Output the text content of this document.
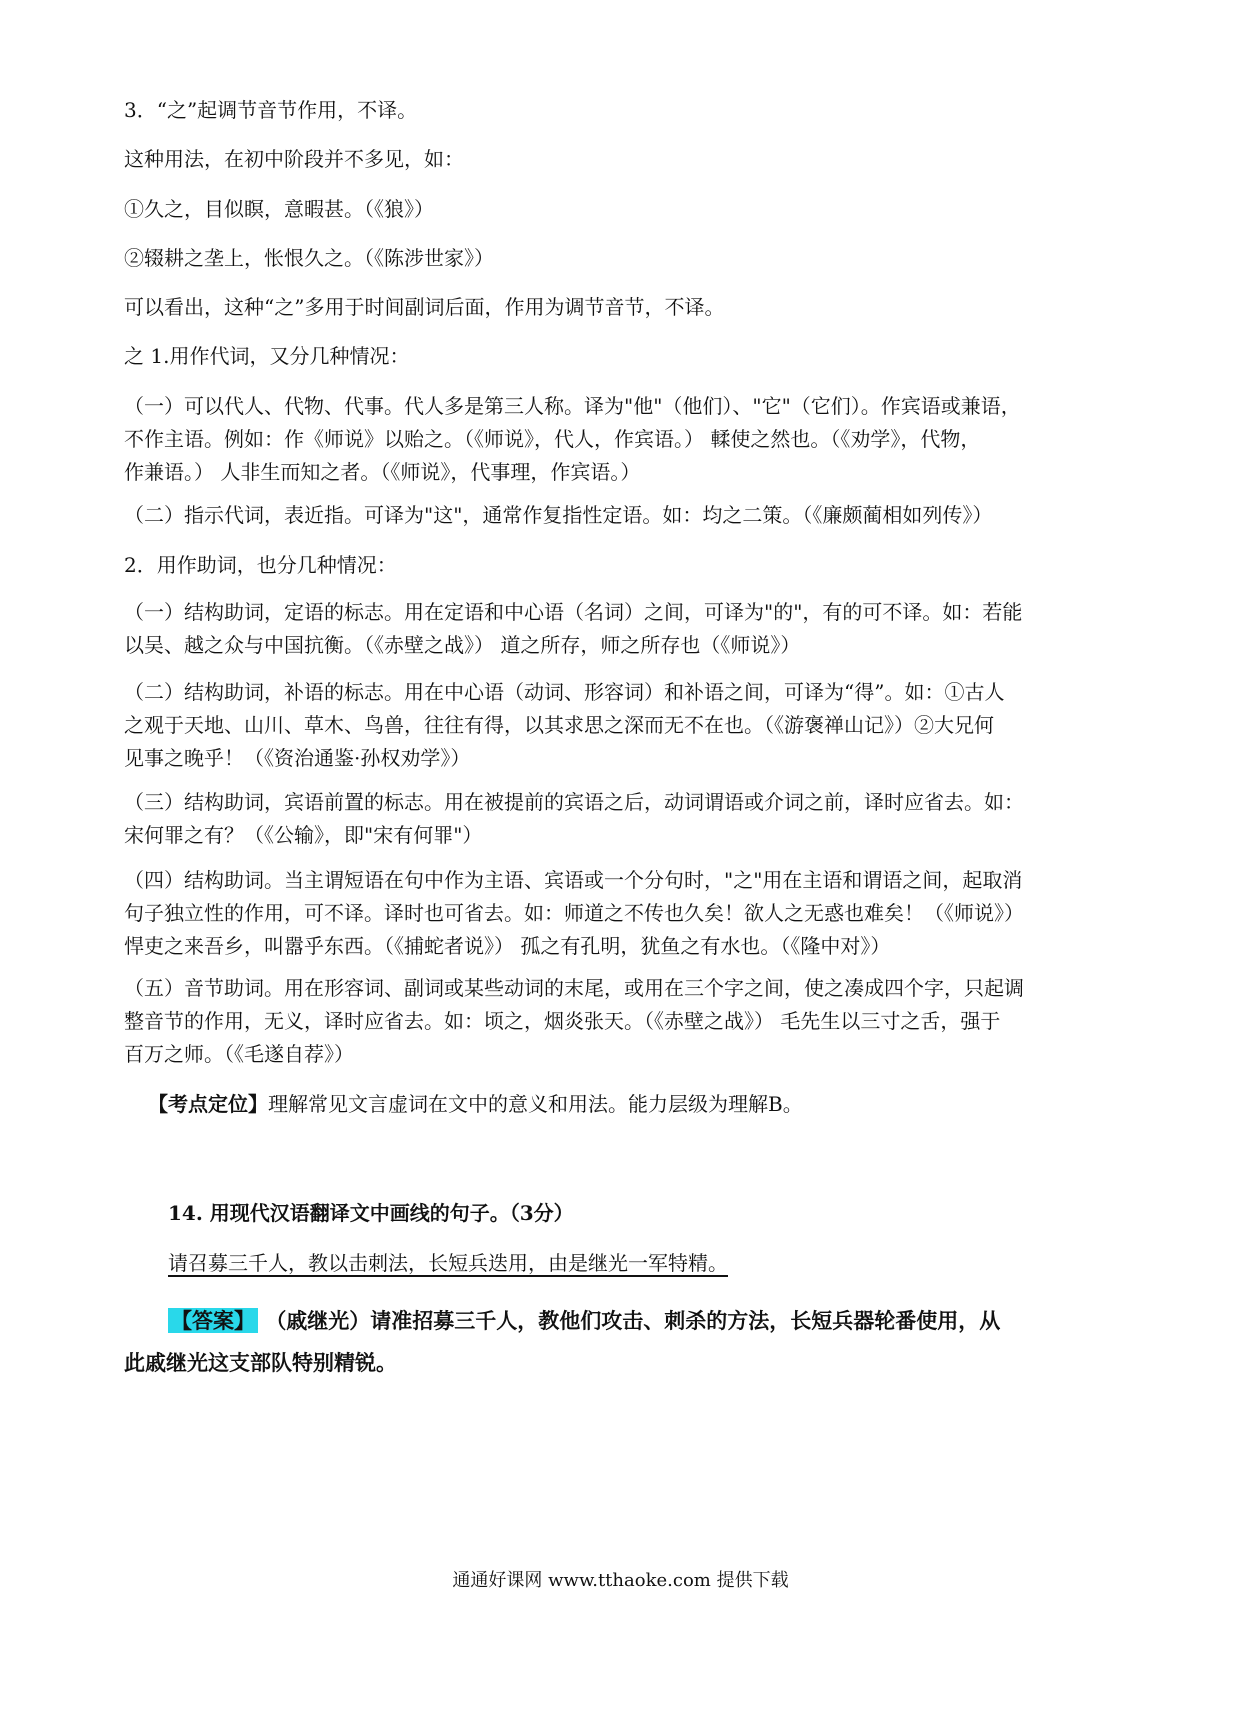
3．“之”起调节音节作用，不译。
这种用法，在初中阶段并不多见，如：
①久之，目似瞑，意暇甚。（《狼》）
②辍耕之垄上，怅恨久之。（《陈涉世家》）
可以看出，这种“之”多用于时间副词后面，作用为调节音节，不译。
之 1.用作代词，又分几种情况：

（一）可以代人、代物、代事。代人多是第三人称。译为"他"（他们）、"它"（它们）。作宾语或兼语，

不作主语。例如：作《师说》以贻之。（《师说》，代人，作宾语。） 輮使之然也。（《劝学》，代物，

作兼语。） 人非生而知之者。（《师说》，代事理，作宾语。）

（二）指示代词，表近指。可译为"这"，通常作复指性定语。如：均之二策。（《廉颇蔺相如列传》）

2．用作助词，也分几种情况：

（一）结构助词，定语的标志。用在定语和中心语（名词）之间，可译为"的"，有的可不译。如：若能

以吴、越之众与中国抗衡。（《赤壁之战》） 道之所存，师之所存也（《师说》）

（二）结构助词，补语的标志。用在中心语（动词、形容词）和补语之间，可译为“得”。如：①古人

之观于天地、山川、草木、鸟兽，往往有得，以其求思之深而无不在也。（《游褒禅山记》）②大兄何

见事之晚乎！（《资治通鉴·孙权劝学》）

（三）结构助词，宾语前置的标志。用在被提前的宾语之后，动词谓语或介词之前，译时应省去。如：

宋何罪之有？（《公输》，即"宋有何罪"）

（四）结构助词。当主谓短语在句中作为主语、宾语或一个分句时，"之"用在主语和谓语之间，起取消

句子独立性的作用，可不译。译时也可省去。如：师道之不传也久矣！欲人之无惑也难矣！（《师说》）

悍吏之来吾乡，叫嚣乎东西。（《捕蛇者说》） 孤之有孔明，犹鱼之有水也。（《隆中对》）

（五）音节助词。用在形容词、副词或某些动词的末尾，或用在三个字之间，使之凑成四个字，只起调

整音节的作用，无义，译时应省去。如：顷之，烟炎张天。（《赤壁之战》） 毛先生以三寸之舌，强于

百万之师。（《毛遂自荐》）

【考点定位】理解常见文言虚词在文中的意义和用法。能力层级为理解B。
14. 用现代汉语翻译文中画线的句子。（3分）
请召募三千人，教以击刺法，长短兵迭用，由是继光一军特精。

【答案】 （戚继光）请准招募三千人，教他们攻击、刺杀的方法，长短兵器轮番使用，从

此戚继光这支部队特别精锐。

通通好课网 www.tthaoke.com 提供下载
